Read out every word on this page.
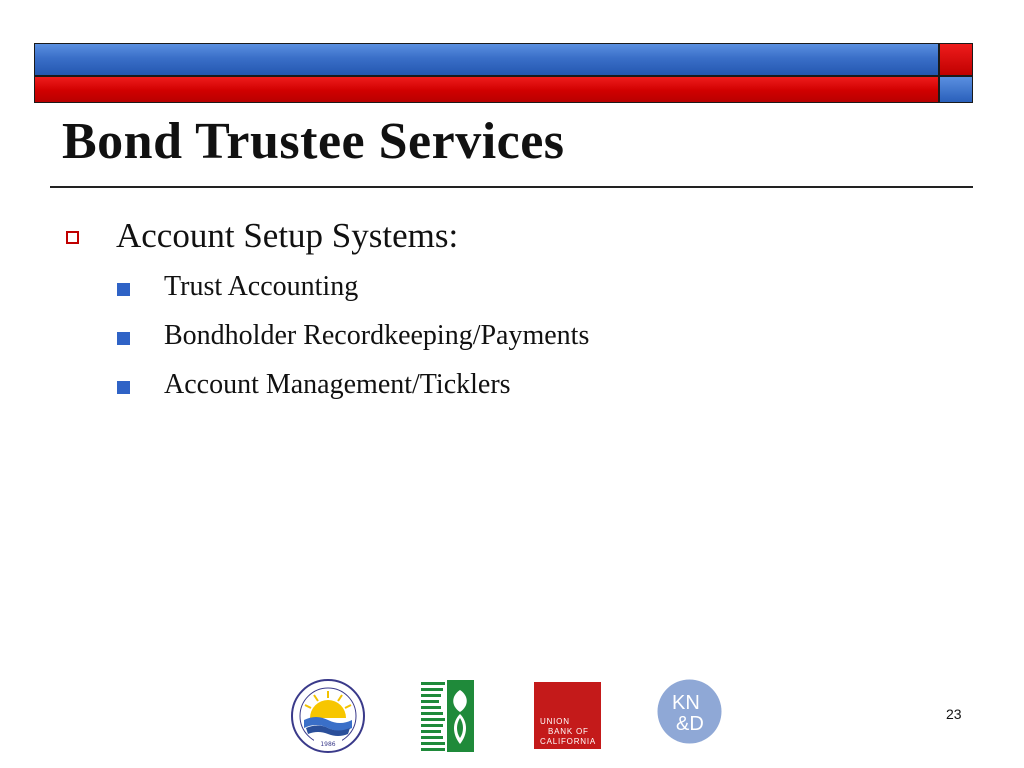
Bond Trustee Services
Account Setup Systems:
Trust Accounting
Bondholder Recordkeeping/Payments
Account Management/Ticklers
1986
UNION
BANK OF
CALIFORNIA
KN
&D	23
